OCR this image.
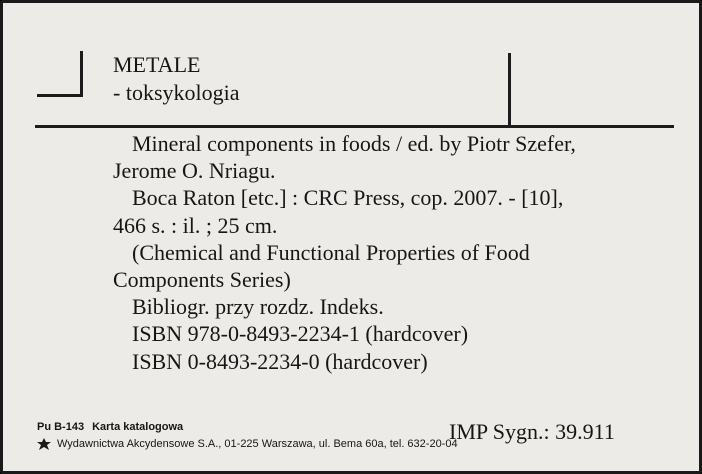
METALE
- toksykologia
Mineral components in foods / ed. by Piotr Szefer,
Jerome O. Nriagu.
Boca Raton [etc.] : CRC Press, cop. 2007. - [10],
466 s. : il. ; 25 cm.
(Chemical and Functional Properties of Food
Components Series)
Bibliogr. przy rozdz. Indeks.
ISBN 978-0-8493-2234-1 (hardcover)
ISBN 0-8493-2234-0 (hardcover)
Pu B-143 Karta katalogowa
Wydawnictwa Akcydensowe S.A., 01-225 Warszawa, ul. Bema 60a, tel. 632-20-04
IMP Sygn.: 39.911
